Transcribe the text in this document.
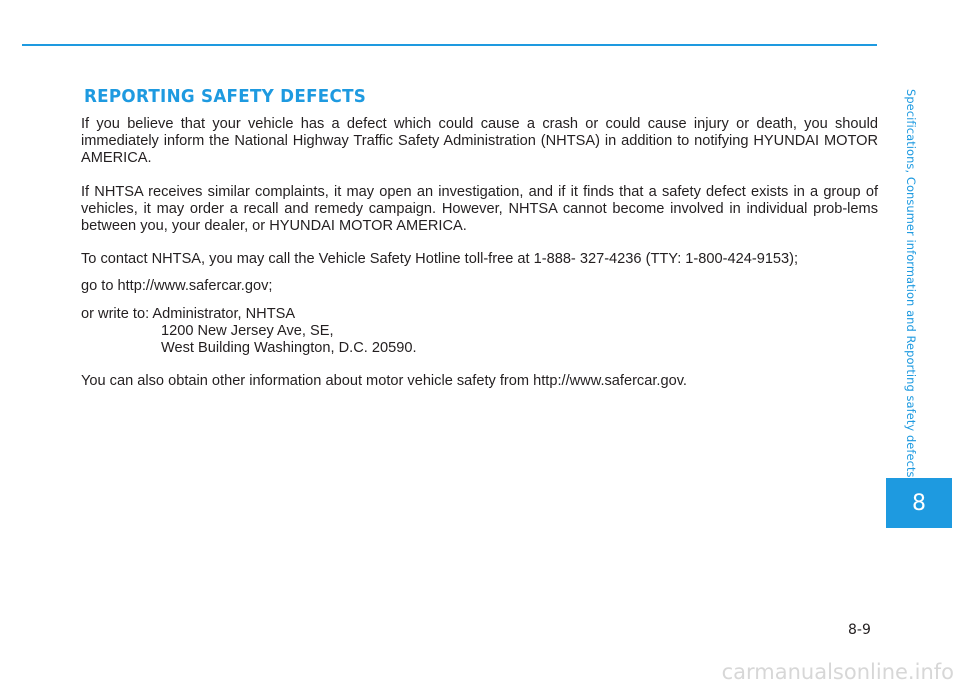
REPORTING SAFETY DEFECTS

If you believe that your vehicle has a defect which could cause a crash or could cause injury or death, you should immediately inform the National Highway Traffic Safety Administration (NHTSA) in addition to notifying HYUNDAI MOTOR AMERICA.

If NHTSA receives similar complaints, it may open an investigation, and if it finds that a safety defect exists in a group of vehicles, it may order a recall and remedy campaign. However, NHTSA cannot become involved in individual prob-lems between you, your dealer, or HYUNDAI MOTOR AMERICA.

To contact NHTSA, you may call the Vehicle Safety Hotline toll-free at 1-888- 327-4236 (TTY: 1-800-424-9153);

go to http://www.safercar.gov;

or write to: Administrator, NHTSA
1200 New Jersey Ave, SE,
West Building Washington, D.C. 20590.

You can also obtain other information about motor vehicle safety from http://www.safercar.gov.	Specifications, Consumer information and Reporting safety defects
8
8-9
carmanualsonline.info
